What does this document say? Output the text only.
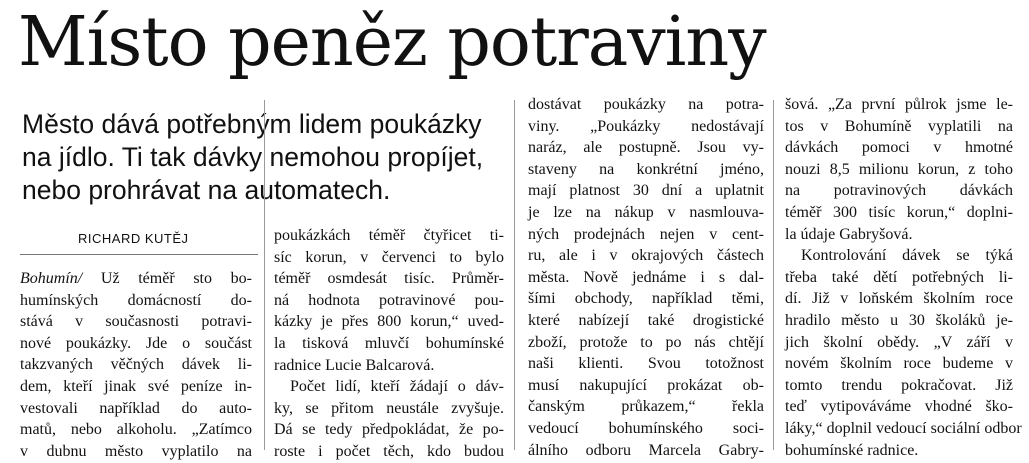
Místo peněz potraviny
Město dává potřebným lidem poukázky
na jídlo. Ti tak dávky nemohou propíjet,
nebo prohrávat na automatech.
RICHARD KUTĚJ
Bohumín/ Už téměř sto bo-
humínských domácností do-
stává v současnosti potravi-
nové poukázky. Jde o součást
takzvaných věčných dávek li-
dem, kteří jinak své peníze in-
vestovali například do auto-
matů, nebo alkoholu. „Zatímco
v dubnu město vyplatilo na
poukázkách téměř čtyřicet ti-
síc korun, v červenci to bylo
téměř osmdesát tisíc. Průměr-
ná hodnota potravinové pou-
kázky je přes 800 korun,“ uved-
la tisková mluvčí bohumínské
radnice Lucie Balcarová.
Počet lidí, kteří žádají o dáv-
ky, se přitom neustále zvyšuje.
Dá se tedy předpokládat, že po-
roste i počet těch, kdo budou
dostávat poukázky na potra-
viny. „Poukázky nedostávají
naráz, ale postupně. Jsou vy-
staveny na konkrétní jméno,
mají platnost 30 dní a uplatnit
je lze na nákup v nasmlouva-
ných prodejnách nejen v cent-
ru, ale i v okrajových částech
města. Nově jednáme i s dal-
šími obchody, například těmi,
které nabízejí také drogistické
zboží, protože to po nás chtějí
naši klienti. Svou totožnost
musí nakupující prokázat ob-
čanským průkazem,“ řekla
vedoucí bohumínského soci-
álního odboru Marcela Gabry-
šová. „Za první půlrok jsme le-
tos v Bohumíně vyplatili na
dávkách pomoci v hmotné
nouzi 8,5 milionu korun, z toho
na potravinových dávkách
téměř 300 tisíc korun,“ doplni-
la údaje Gabryšová.
Kontrolování dávek se týká
třeba také dětí potřebných li-
dí. Již v loňském školním roce
hradilo město u 30 školáků je-
jich školní obědy. „V září v
novém školním roce budeme v
tomto trendu pokračovat. Již
teď vytipováváme vhodné ško-
láky,“ doplnil vedoucí sociální odbor
bohumínské radnice.
